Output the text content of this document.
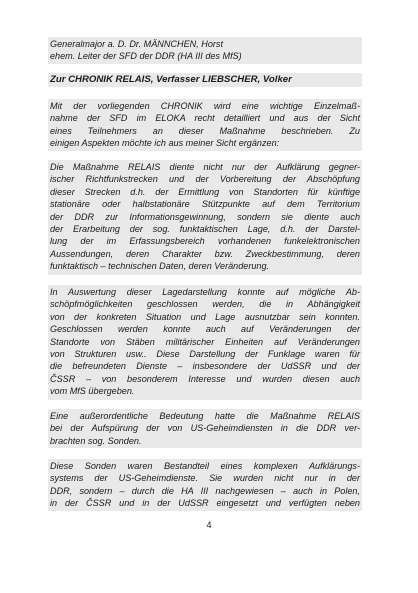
Generalmajor a. D. Dr. MÄNNCHEN, Horst
ehem. Leiter der SFD der DDR (HA III des MfS)
Zur CHRONIK RELAIS, Verfasser LIEBSCHER, Volker
Mit der vorliegenden CHRONIK wird eine wichtige Einzelmaß-
nahme der SFD im ELOKA recht detailliert und aus der Sicht
eines Teilnehmers an dieser Maßnahme beschrieben. Zu
einigen Aspekten möchte ich aus meiner Sicht ergänzen:
Die Maßnahme RELAIS diente nicht nur der Aufklärung gegner-
ischer Richtfunkstrecken und der Vorbereitung der Abschöpfung
dieser Strecken d.h. der Ermittlung von Standorten für künftige
stationäre oder halbstationäre Stützpunkte auf dem Territorium
der DDR zur Informationsgewinnung, sondern sie diente auch
der Erarbeitung der sog. funktaktischen Lage, d.h. der Darstel-
lung der im Erfassungsbereich vorhandenen funkelektronischen
Aussendungen, deren Charakter bzw. Zweckbestimmung, deren
funktaktisch – technischen Daten, deren Veränderung.
In Auswertung dieser Lagedarstellung konnte auf mögliche Ab-
schöpfmöglichkeiten geschlossen werden, die in Abhängigkeit
von der konkreten Situation und Lage ausnutzbar sein konnten.
Geschlossen werden konnte auch auf Veränderungen der
Standorte von Stäben militärischer Einheiten auf Veränderungen
von Strukturen usw.. Diese Darstellung der Funklage waren für
die befreundeten Dienste – insbesondere der UdSSR und der
ČSSR – von besonderem Interesse und wurden diesen auch
vom MfS übergeben.
Eine außerordentliche Bedeutung hatte die Maßnahme RELAIS
bei der Aufspürung der von US-Geheimdiensten in die DDR ver-
brachten sog. Sonden.
Diese Sonden waren Bestandteil eines komplexen Aufklärungs-
systems der US-Geheimdienste. Sie wurden nicht nur in der
DDR, sondern – durch die HA III nachgewiesen – auch in Polen,
in der ČSSR und in der UdSSR eingesetzt und verfügten neben
4
